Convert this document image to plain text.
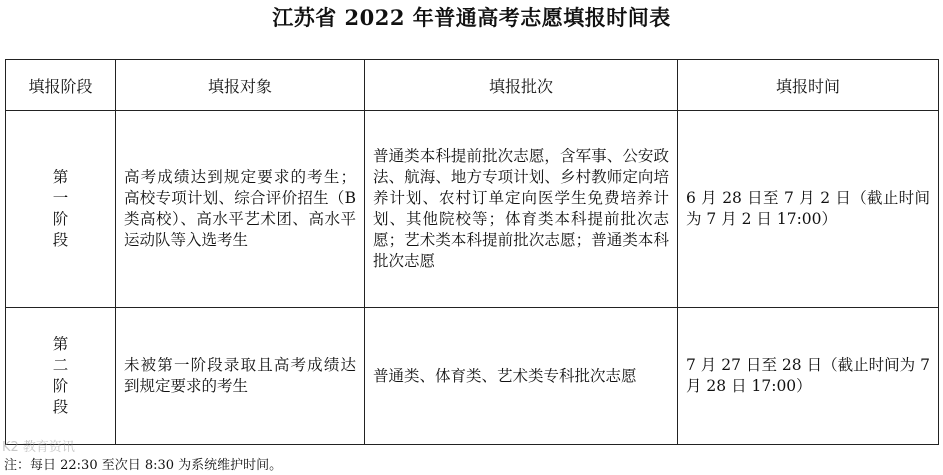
江苏省 2022 年普通高考志愿填报时间表
填报阶段	填报对象	填报批次	填报时间

第
一
阶
段	高考成绩达到规定要求的考生；高校专项计划、综合评价招生（B 类高校）、高水平艺术团、高水平运动队等入选考生	普通类本科提前批次志愿，含军事、公安政法、航海、地方专项计划、乡村教师定向培养计划、农村订单定向医学生免费培养计划、其他院校等；体育类本科提前批次志愿；艺术类本科提前批次志愿；普通类本科批次志愿	6 月 28 日至 7 月 2 日（截止时间为 7 月 2 日 17:00）

第
二
阶
段	未被第一阶段录取且高考成绩达到规定要求的考生	普通类、体育类、艺术类专科批次志愿	7 月 27 日至 28 日（截止时间为 7 月 28 日 17:00）
K2 教育资讯
注：每日 22:30 至次日 8:30 为系统维护时间。
